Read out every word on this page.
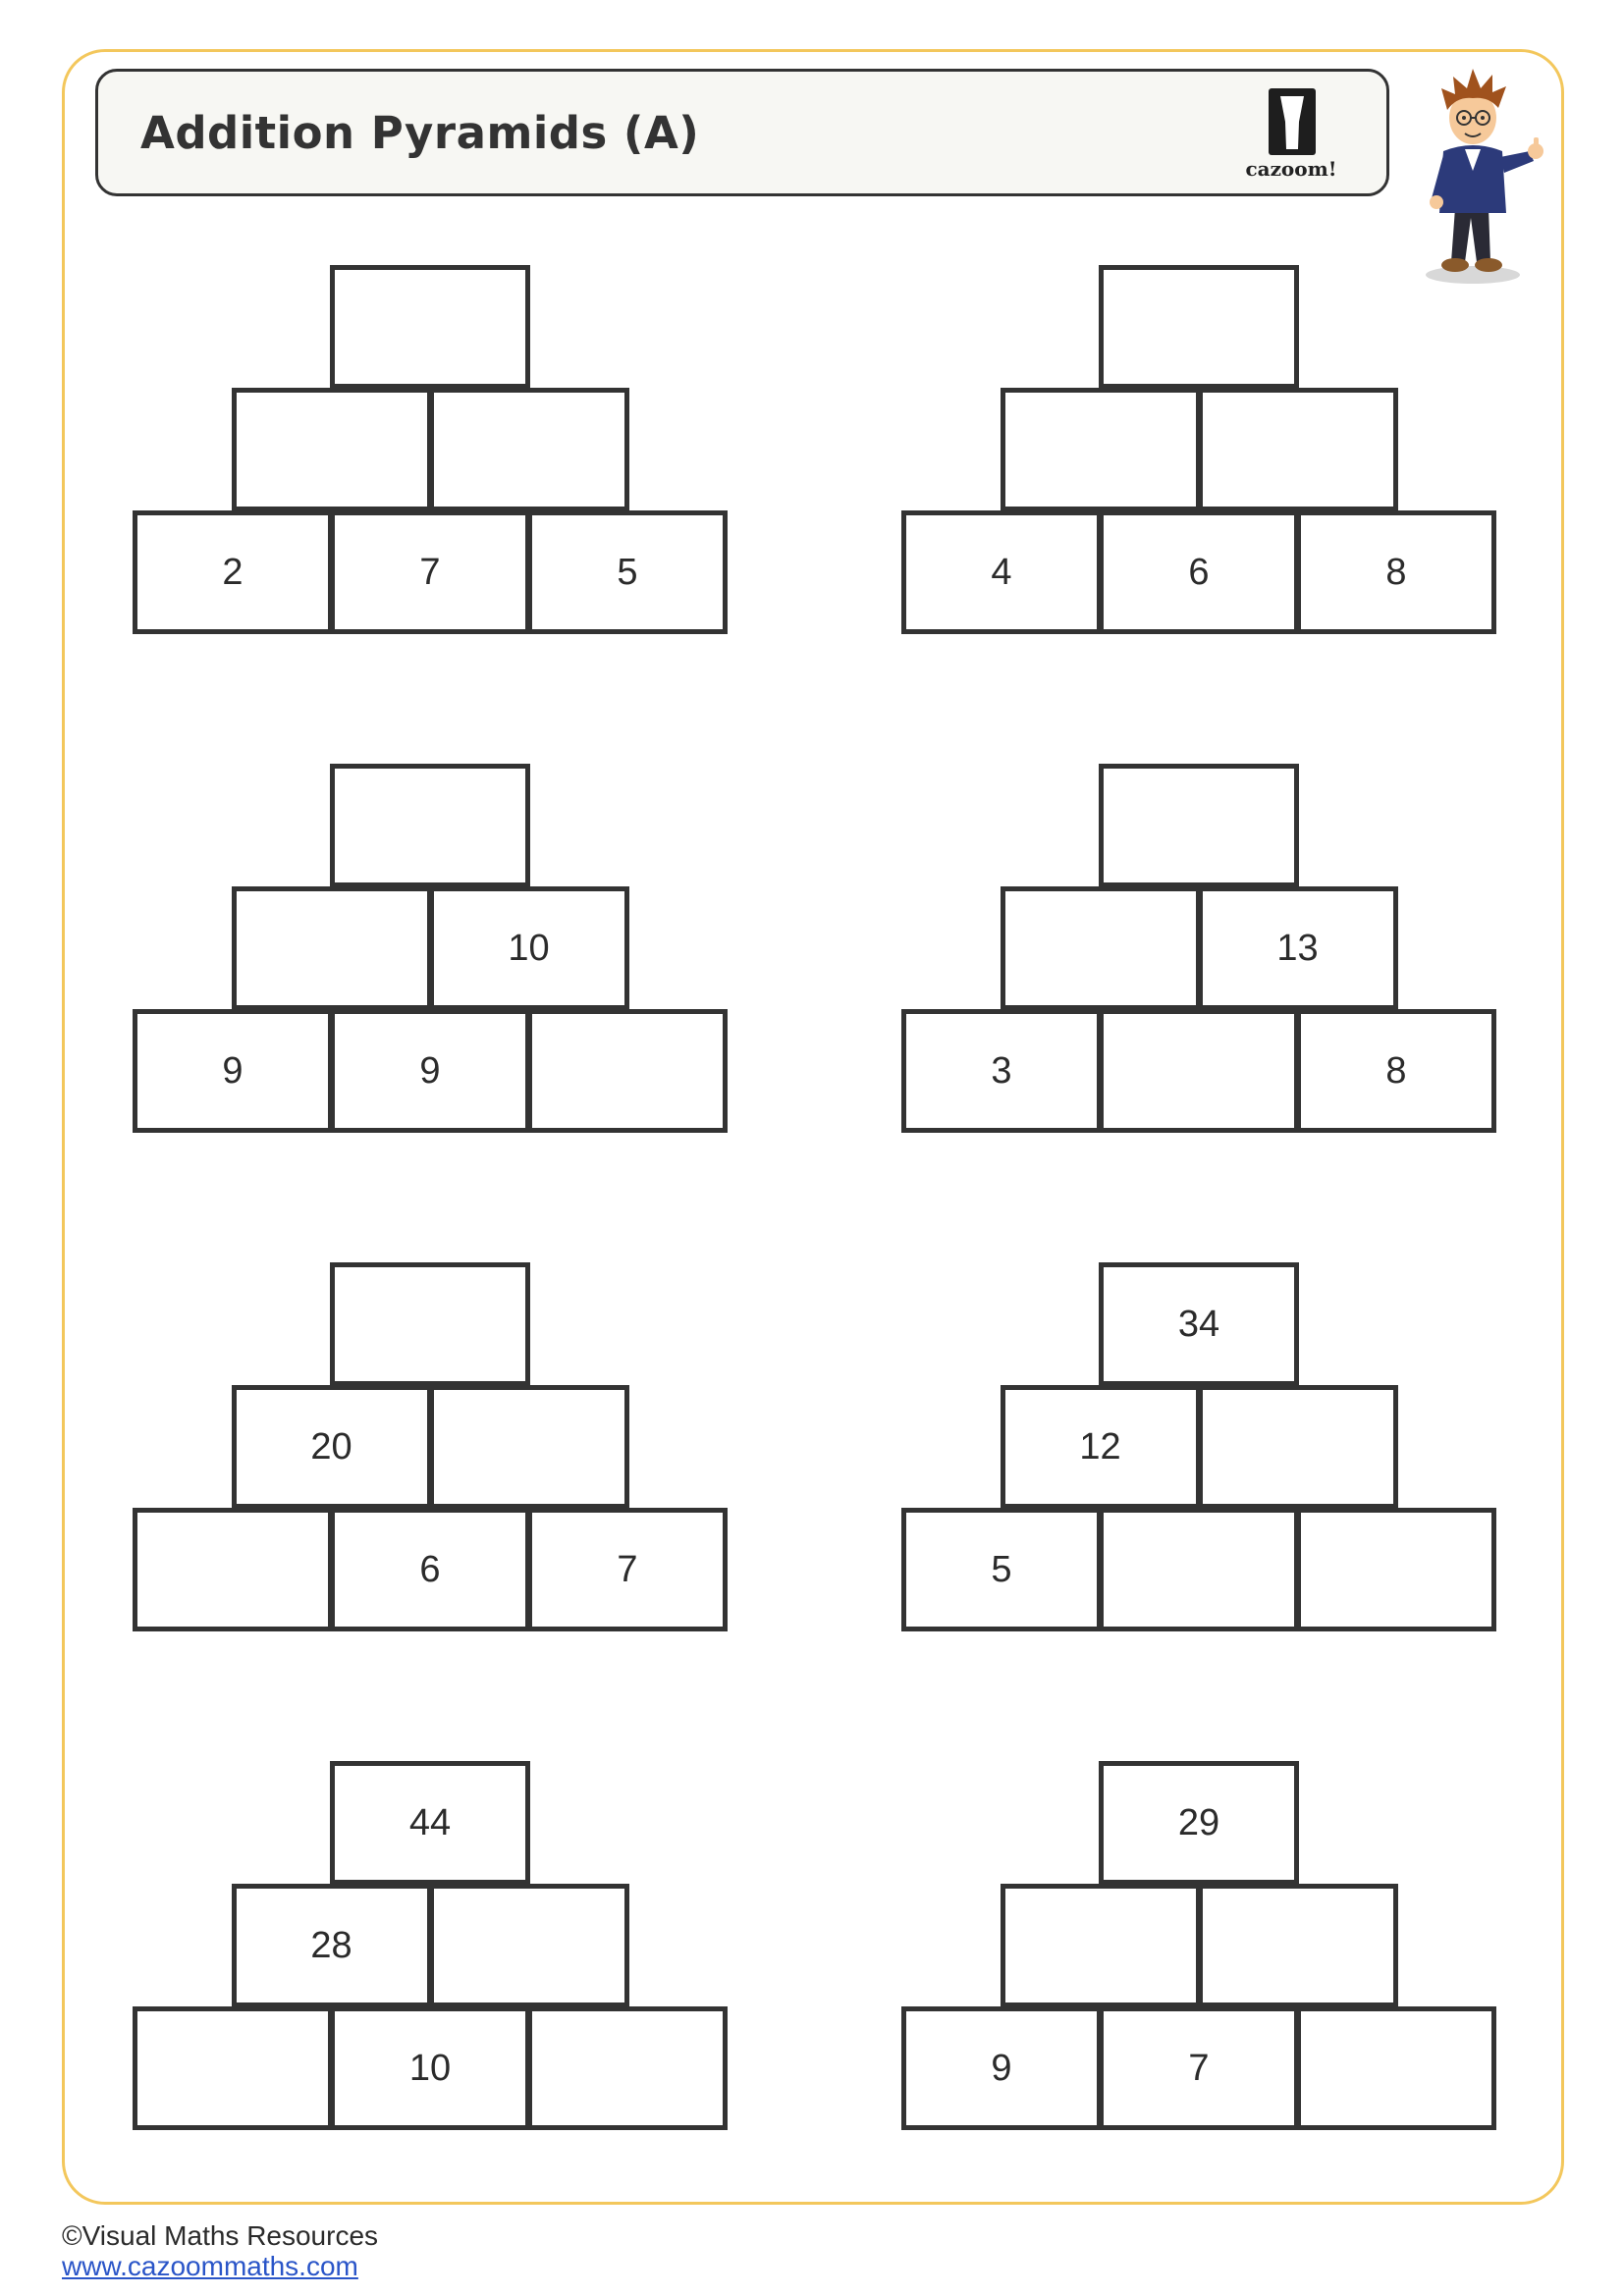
Addition Pyramids (A)
cazoom!
2	7	5	4	6	8
10
9	9
13
3	8
20
6	7
34
12
5
44
28
10
29
9	7
©Visual Maths Resources
www.cazoommaths.com
